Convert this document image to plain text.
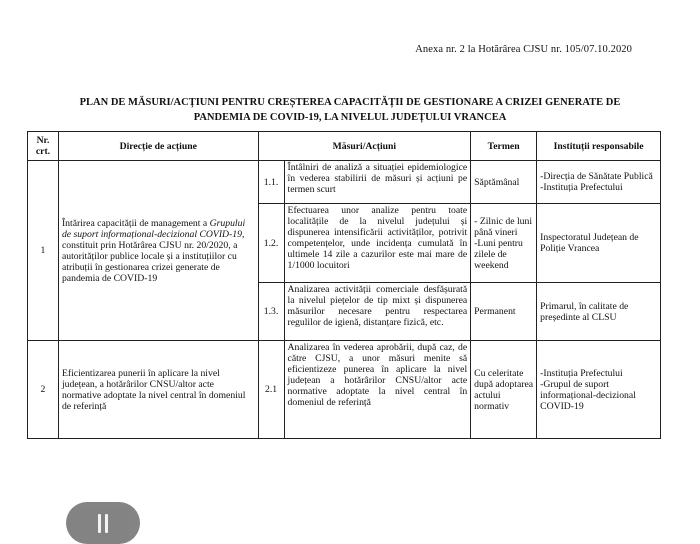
Anexa nr. 2 la Hotărârea CJSU nr. 105/07.10.2020
PLAN DE MĂSURI/ACȚIUNI PENTRU CREȘTEREA CAPACITĂȚII DE GESTIONARE A CRIZEI GENERATE DE
PANDEMIA DE COVID-19, LA NIVELUL JUDEȚULUI VRANCEA
Nr. crt.	Direcție de acțiune	Măsuri/Acțiuni		Termen	Instituții responsabile
1	Întărirea capacității de management a Grupului de suport informațional-decizional COVID-19, constituit prin Hotărârea CJSU nr. 20/2020, a autorităților publice locale și a instituțiilor cu atribuții în gestionarea crizei generate de pandemia de COVID-19	1.1.	Întâlniri de analiză a situației epidemiologice în vederea stabilirii de măsuri și acțiuni pe termen scurt	Săptămânal	-Direcția de Sănătate Publică
-Instituția Prefectului
		1.2.	Efectuarea unor analize pentru toate localitățile de la nivelul județului și dispunerea intensificării activităților, potrivit competențelor, unde incidența cumulată în ultimele 14 zile a cazurilor este mai mare de 1/1000 locuitori	- Zilnic de luni până vineri
-Luni pentru zilele de weekend	Inspectoratul Județean de Poliție Vrancea
		1.3.	Analizarea activității comerciale desfășurată la nivelul piețelor de tip mixt și dispunerea măsurilor necesare pentru respectarea regulilor de igienă, distanțare fizică, etc.	Permanent	Primarul, în calitate de președinte al CLSU
2	Eficientizarea punerii în aplicare la nivel județean, a hotărârilor CNSU/altor acte normative adoptate la nivel central în domeniul de referință	2.1	Analizarea în vederea aprobării, după caz, de către CJSU, a unor măsuri menite să eficientizeze punerea în aplicare la nivel județean a hotărârilor CNSU/altor acte normative adoptate la nivel central în domeniul de referință	Cu celeritate după adoptarea actului normativ	-Instituția Prefectului
-Grupul de suport informațional-decizional COVID-19
